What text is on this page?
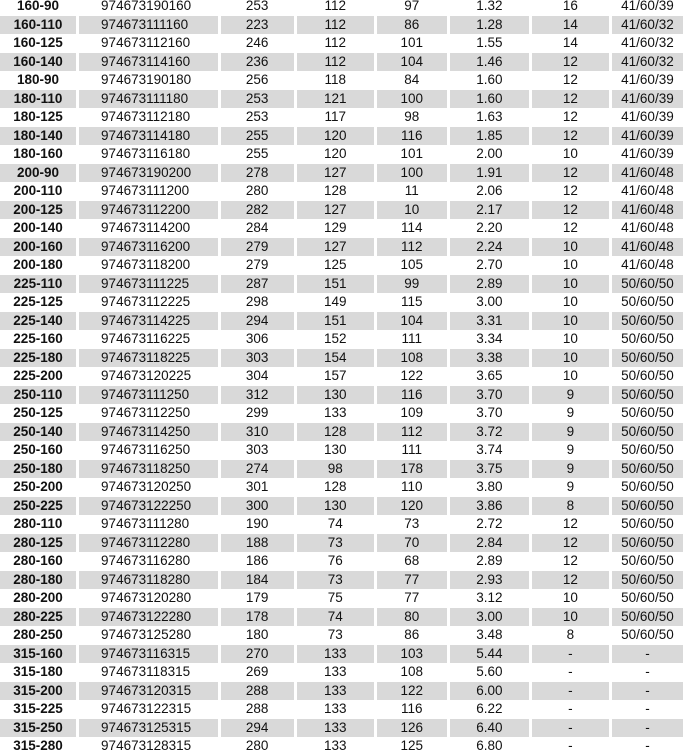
160-90	974673190160	253	112	97	1.32	16	41/60/39
160-110	974673111160	223	112	86	1.28	14	41/60/32
160-125	974673112160	246	112	101	1.55	14	41/60/32
160-140	974673114160	236	112	104	1.46	12	41/60/32
180-90	974673190180	256	118	84	1.60	12	41/60/39
180-110	974673111180	253	121	100	1.60	12	41/60/39
180-125	974673112180	253	117	98	1.63	12	41/60/39
180-140	974673114180	255	120	116	1.85	12	41/60/39
180-160	974673116180	255	120	101	2.00	10	41/60/39
200-90	974673190200	278	127	100	1.91	12	41/60/48
200-110	974673111200	280	128	11	2.06	12	41/60/48
200-125	974673112200	282	127	10	2.17	12	41/60/48
200-140	974673114200	284	129	114	2.20	12	41/60/48
200-160	974673116200	279	127	112	2.24	10	41/60/48
200-180	974673118200	279	125	105	2.70	10	41/60/48
225-110	974673111225	287	151	99	2.89	10	50/60/50
225-125	974673112225	298	149	115	3.00	10	50/60/50
225-140	974673114225	294	151	104	3.31	10	50/60/50
225-160	974673116225	306	152	111	3.34	10	50/60/50
225-180	974673118225	303	154	108	3.38	10	50/60/50
225-200	974673120225	304	157	122	3.65	10	50/60/50
250-110	974673111250	312	130	116	3.70	9	50/60/50
250-125	974673112250	299	133	109	3.70	9	50/60/50
250-140	974673114250	310	128	112	3.72	9	50/60/50
250-160	974673116250	303	130	111	3.74	9	50/60/50
250-180	974673118250	274	98	178	3.75	9	50/60/50
250-200	974673120250	301	128	110	3.80	9	50/60/50
250-225	974673122250	300	130	120	3.86	8	50/60/50
280-110	974673111280	190	74	73	2.72	12	50/60/50
280-125	974673112280	188	73	70	2.84	12	50/60/50
280-160	974673116280	186	76	68	2.89	12	50/60/50
280-180	974673118280	184	73	77	2.93	12	50/60/50
280-200	974673120280	179	75	77	3.12	10	50/60/50
280-225	974673122280	178	74	80	3.00	10	50/60/50
280-250	974673125280	180	73	86	3.48	8	50/60/50
315-160	974673116315	270	133	103	5.44	-	-
315-180	974673118315	269	133	108	5.60	-	-
315-200	974673120315	288	133	122	6.00	-	-
315-225	974673122315	288	133	116	6.22	-	-
315-250	974673125315	294	133	126	6.40	-	-
315-280	974673128315	280	133	125	6.80	-	-
